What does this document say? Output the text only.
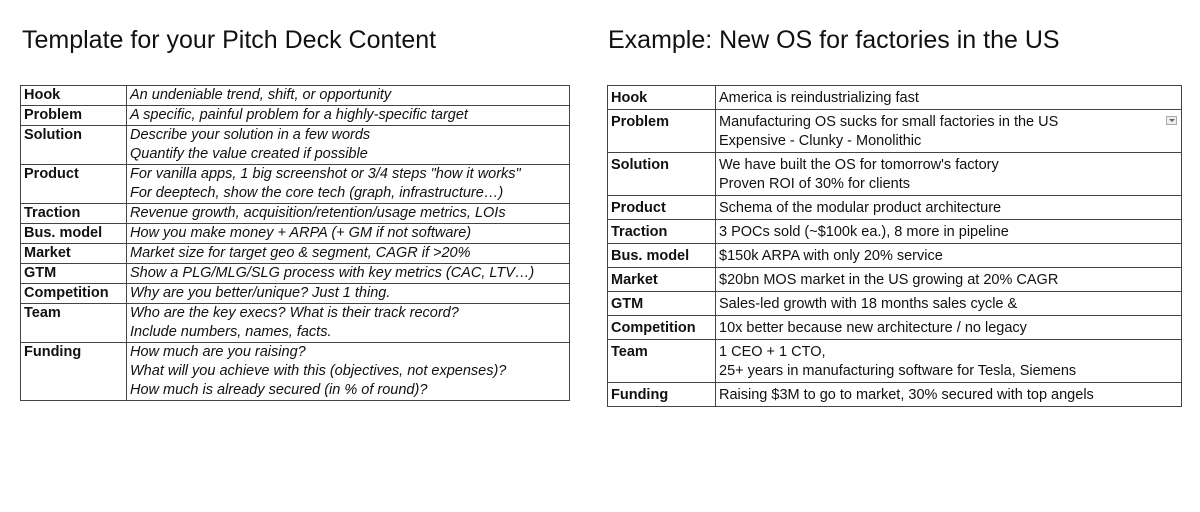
Template for your Pitch Deck Content	Example: New OS for factories in the US
Hook	An undeniable trend, shift, or opportunity

Problem	A specific, painful problem for a highly-specific target

Solution	Describe your solution in a few words
Quantify the value created if possible

Product	For vanilla apps, 1 big screenshot or 3/4 steps "how it works"
For deeptech, show the core tech (graph, infrastructure…)

Traction	Revenue growth, acquisition/retention/usage metrics, LOIs

Bus. model	How you make money + ARPA (+ GM if not software)

Market	Market size for target geo & segment, CAGR if >20%

GTM	Show a PLG/MLG/SLG process with key metrics (CAC, LTV…)

Competition	Why are you better/unique? Just 1 thing.

Team	Who are the key execs? What is their track record?
Include numbers, names, facts.

Funding	How much are you raising?
What will you achieve with this (objectives, not expenses)?
How much is already secured (in % of round)?
Hook	America is reindustrializing fast

Problem	Manufacturing OS sucks for small factories in the US
Expensive - Clunky - Monolithic

Solution	We have built the OS for tomorrow's factory
Proven ROI of 30% for clients

Product	Schema of the modular product architecture

Traction	3 POCs sold (~$100k ea.), 8 more in pipeline

Bus. model	$150k ARPA with only 20% service

Market	$20bn MOS market in the US growing at 20% CAGR

GTM	Sales-led growth with 18 months sales cycle &

Competition	10x better because new architecture / no legacy

Team	1 CEO + 1 CTO,
25+ years in manufacturing software for Tesla, Siemens

Funding	Raising $3M to go to market, 30% secured with top angels
